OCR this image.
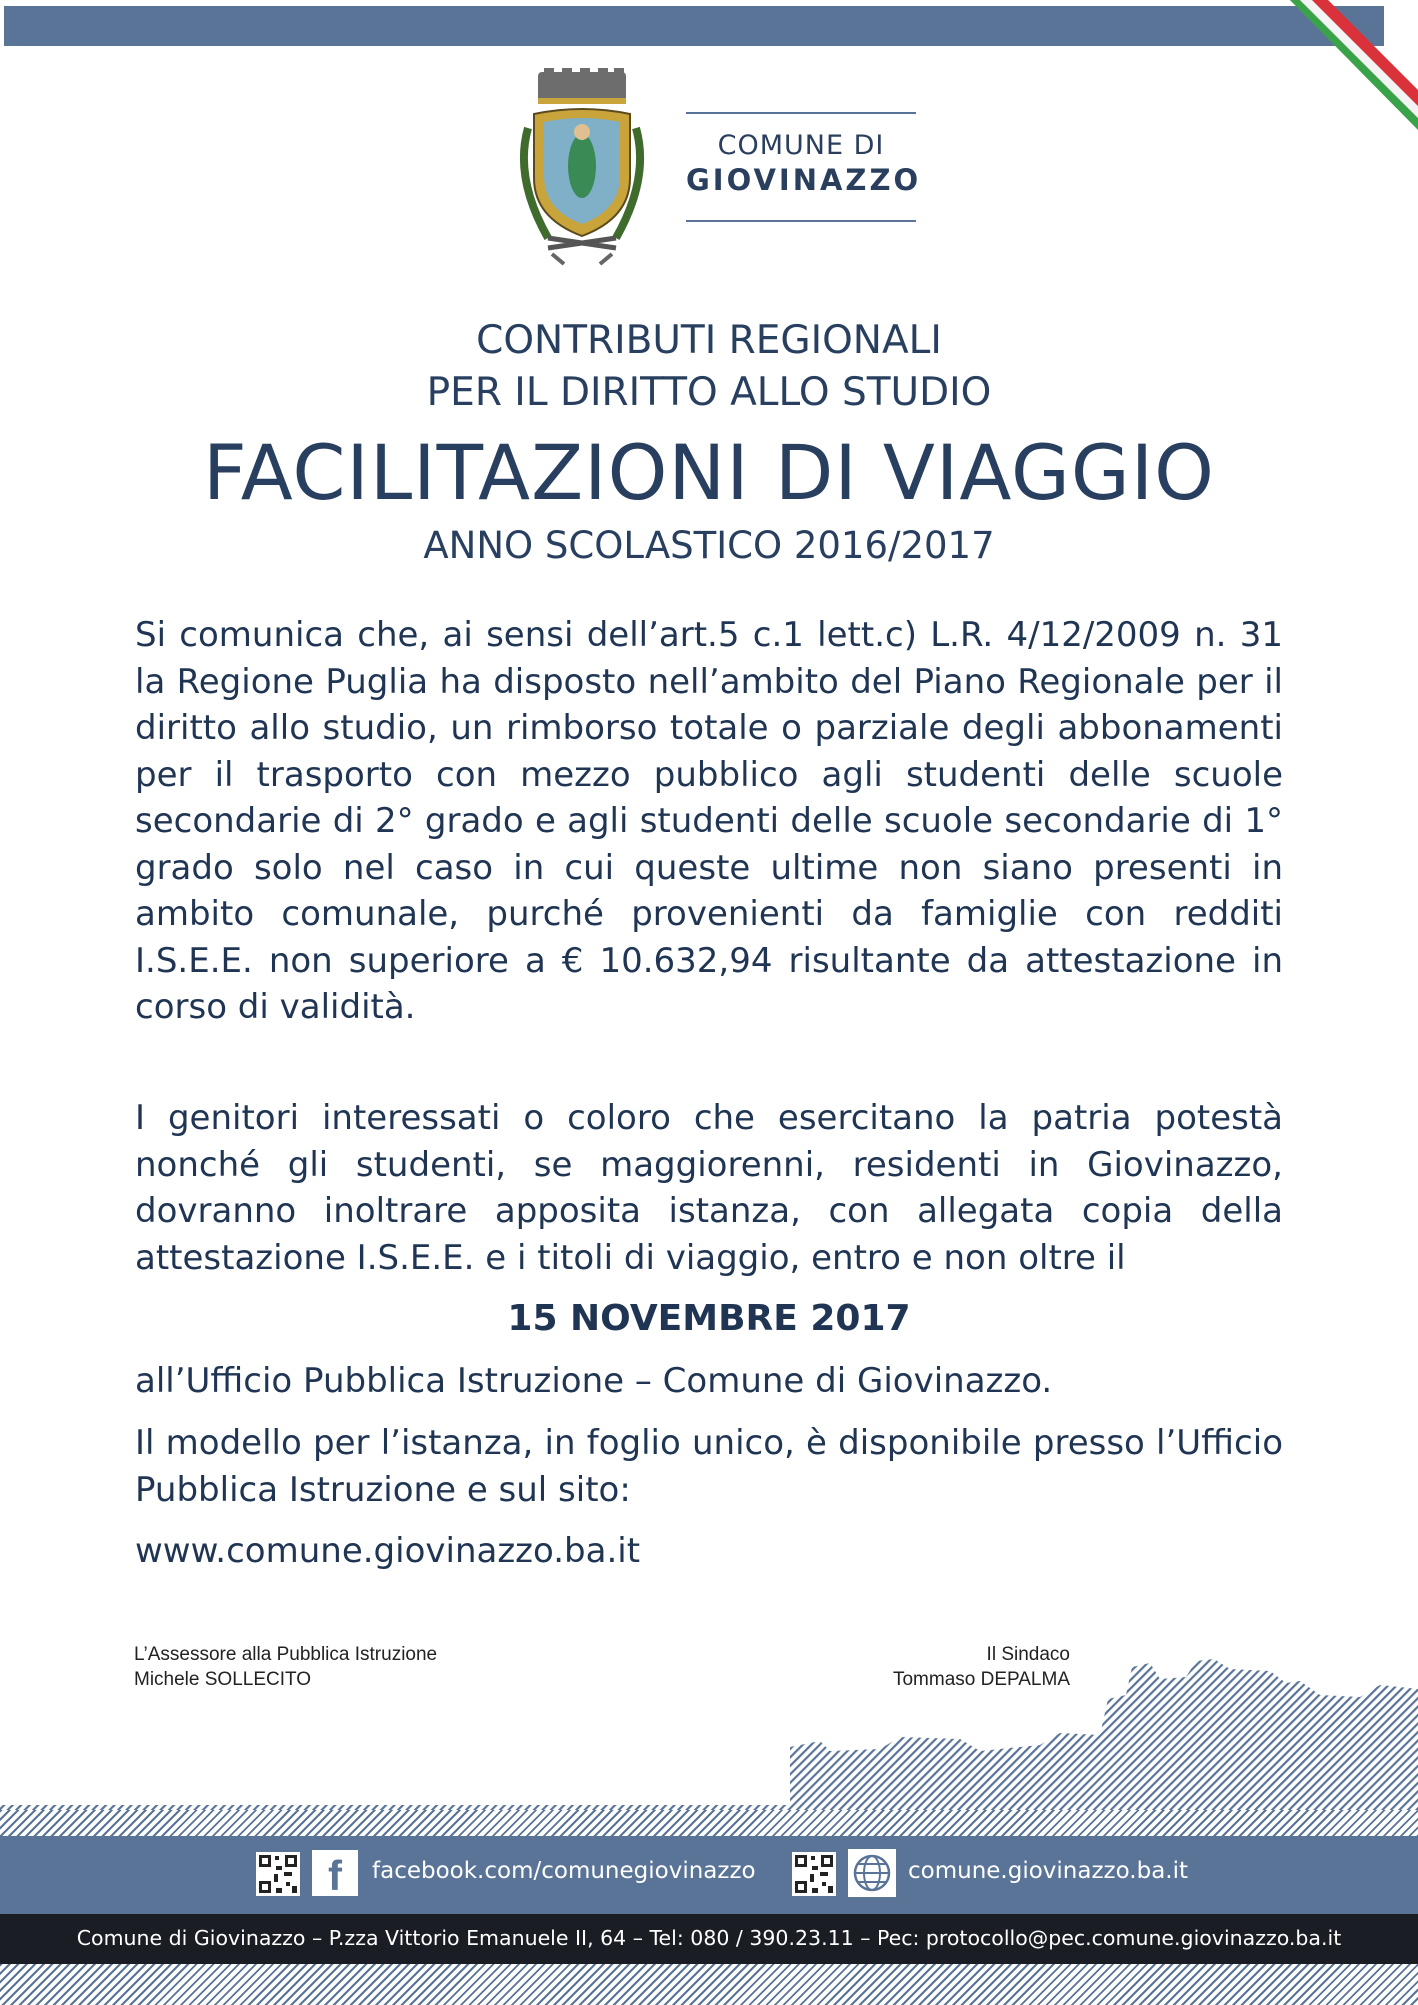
COMUNE DI
GIOVINAZZO
CONTRIBUTI REGIONALI
PER IL DIRITTO ALLO STUDIO
FACILITAZIONI DI VIAGGIO
ANNO SCOLASTICO 2016/2017
Si comunica che, ai sensi dell’art.5 c.1 lett.c) L.R. 4/12/2009 n. 31 la Regione Puglia ha disposto nell’ambito del Piano Regionale per il diritto allo studio, un rimborso totale o parziale degli abbonamenti per il trasporto con mezzo pubblico agli studenti delle scuole secondarie di 2° grado e agli studenti delle scuole secondarie di 1° grado solo nel caso in cui queste ultime non siano presenti in ambito comunale, purché provenienti da famiglie con redditi I.S.E.E. non superiore a € 10.632,94 risultante da attestazione in corso di validità.
I genitori interessati o coloro che esercitano la patria potestà nonché gli studenti, se maggiorenni, residenti in Giovinazzo, dovranno inoltrare apposita istanza, con allegata copia della attestazione I.S.E.E. e i titoli di viaggio, entro e non oltre il
15 NOVEMBRE 2017
all’Ufficio Pubblica Istruzione – Comune di Giovinazzo.
Il modello per l’istanza, in foglio unico, è disponibile presso l’Ufficio Pubblica Istruzione e sul sito:
www.comune.giovinazzo.ba.it
L’Assessore alla Pubblica Istruzione
Michele SOLLECITO
Il Sindaco
Tommaso DEPALMA
f	facebook.com/comunegiovinazzo	comune.giovinazzo.ba.it
Comune di Giovinazzo – P.zza Vittorio Emanuele II, 64 – Tel: 080 / 390.23.11 – Pec: protocollo@pec.comune.giovinazzo.ba.it
